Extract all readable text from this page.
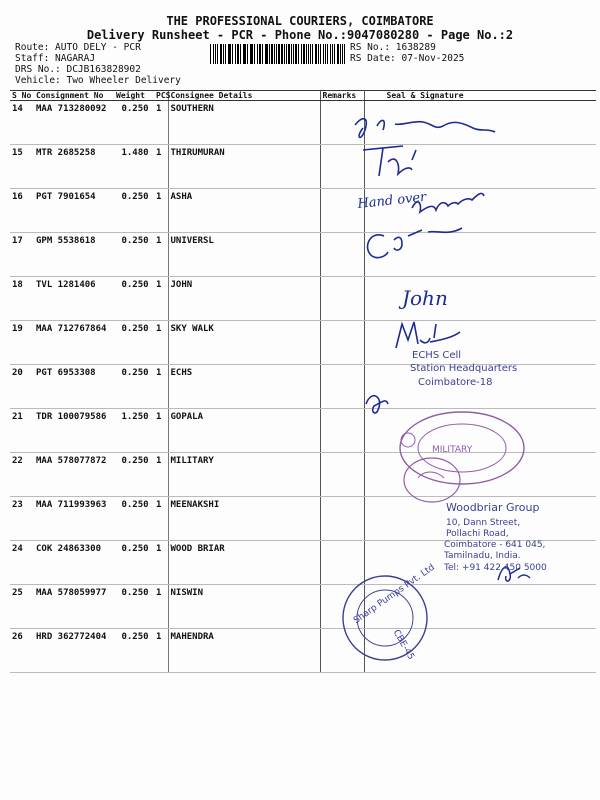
THE PROFESSIONAL COURIERS, COIMBATORE
Delivery Runsheet - PCR - Phone No.:9047080280 - Page No.:2
Route: AUTO DELY - PCR
Staff: NAGARAJ
DRS No.: DCJB163828902
Vehicle: Two Wheeler Delivery
RS No.: 1638289
RS Date: 07-Nov-2025
S No	Consignment No	Weight	PCS	Consignee Details	Remarks	Seal & Signature
14	MAA 713280092	0.250	1	SOUTHERN		
15	MTR 2685258	1.480	1	THIRUMURAN		
16	PGT 7901654	0.250	1	ASHA		
17	GPM 5538618	0.250	1	UNIVERSL		
18	TVL 1281406	0.250	1	JOHN		
19	MAA 712767864	0.250	1	SKY WALK		
20	PGT 6953308	0.250	1	ECHS		
21	TDR 100079586	1.250	1	GOPALA		
22	MAA 578077872	0.250	1	MILITARY		
23	MAA 711993963	0.250	1	MEENAKSHI		
24	COK 24863300	0.250	1	WOOD BRIAR		
25	MAA 578059977	0.250	1	NISWIN		
26	HRD 362772404	0.250	1	MAHENDRA		
Hand over
John
ECHS Cell
Station Headquarters
Coimbatore-18
MILITARY
Woodbriar Group
10, Dann Street,
Pollachi Road,
Coimbatore - 641 045,
Tamilnadu, India.
Tel: +91 422 450 5000
Sharp Pumps Pvt. Ltd
CBE-45
